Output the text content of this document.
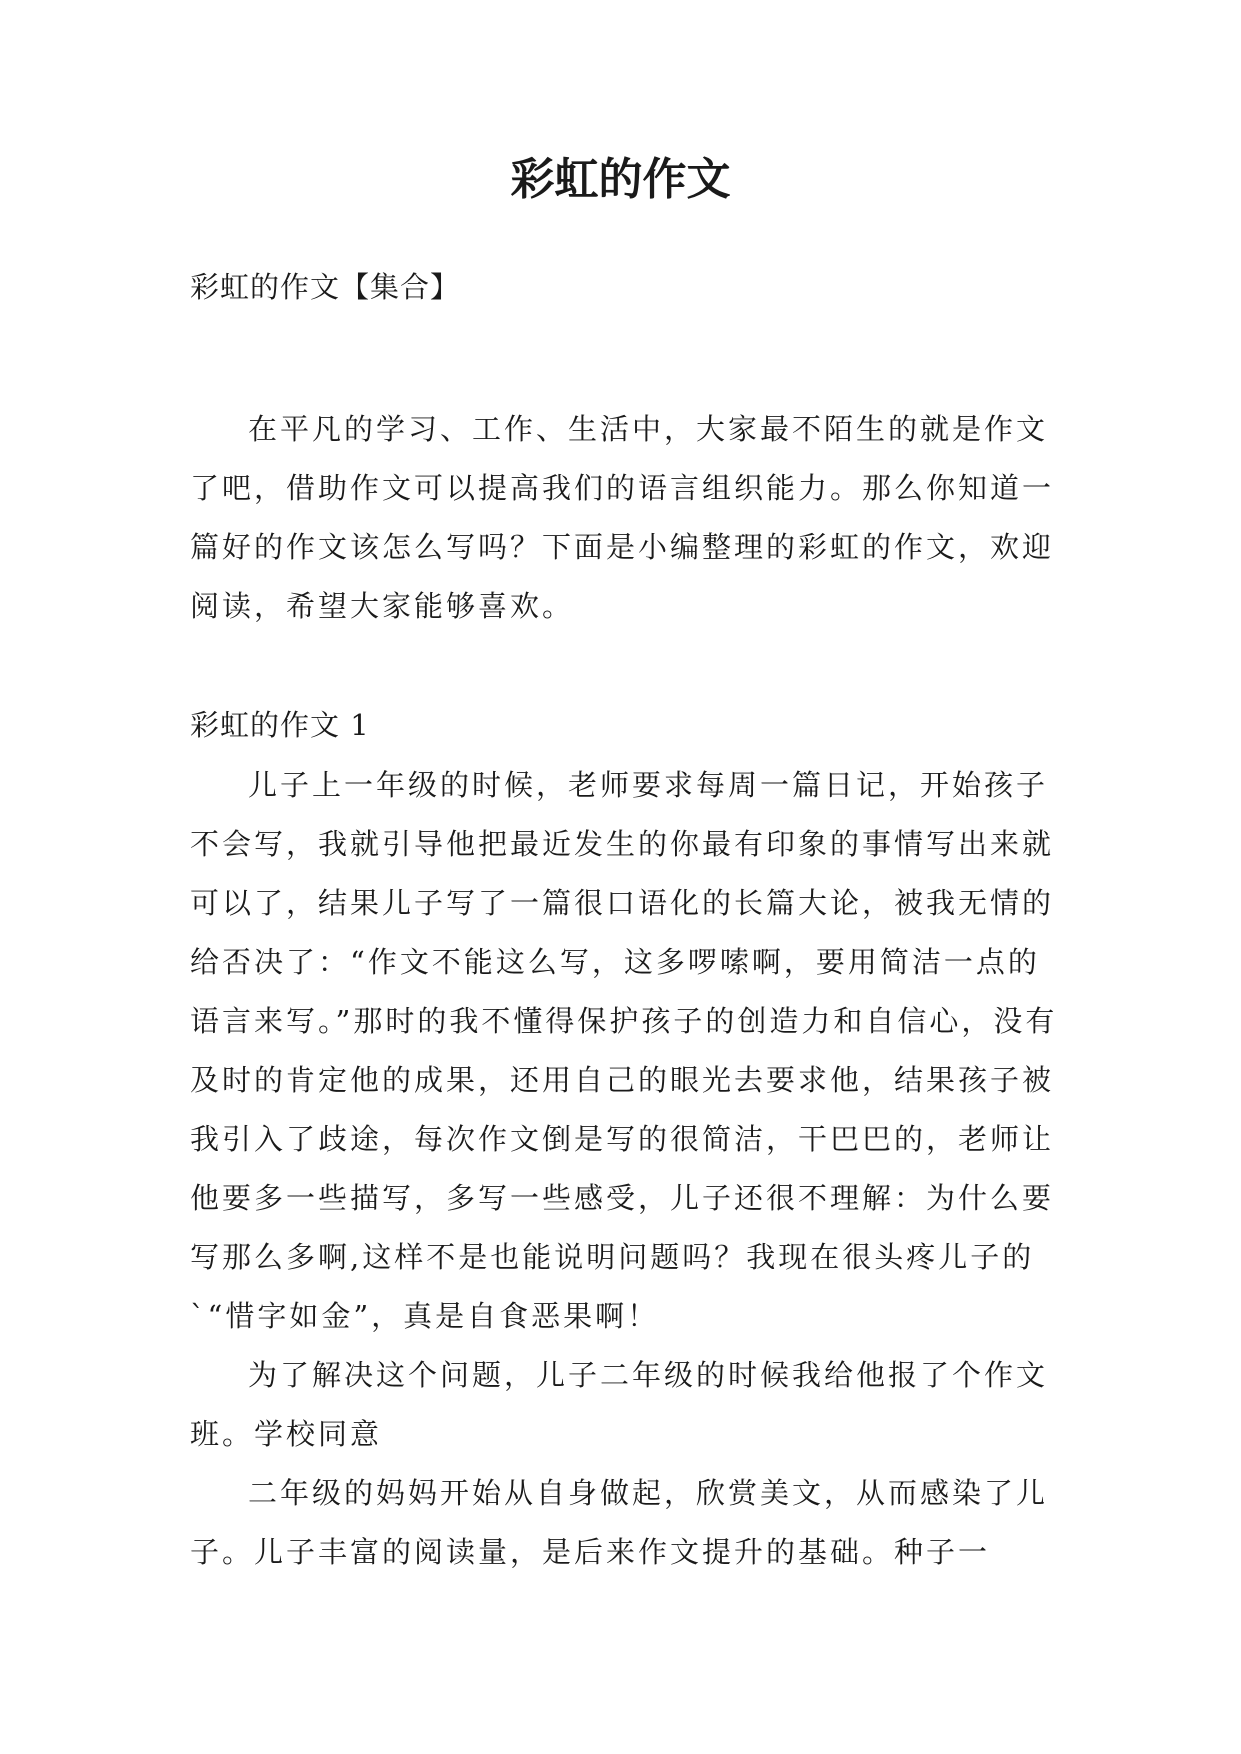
彩虹的作文

彩虹的作文【集合】

在平凡的学习、工作、生活中，大家最不陌生的就是作文了吧，借助作文可以提高我们的语言组织能力。那么你知道一篇好的作文该怎么写吗？下面是小编整理的彩虹的作文，欢迎阅读，希望大家能够喜欢。

彩虹的作文 1

儿子上一年级的时候，老师要求每周一篇日记，开始孩子不会写，我就引导他把最近发生的你最有印象的事情写出来就可以了，结果儿子写了一篇很口语化的长篇大论，被我无情的给否决了：“作文不能这么写，这多啰嗦啊，要用简洁一点的语言来写。”那时的我不懂得保护孩子的创造力和自信心，没有及时的肯定他的成果，还用自己的眼光去要求他，结果孩子被我引入了歧途，每次作文倒是写的很简洁，干巴巴的，老师让他要多一些描写，多写一些感受，儿子还很不理解：为什么要写那么多啊,这样不是也能说明问题吗？我现在很头疼儿子的`“惜字如金”，真是自食恶果啊！

为了解决这个问题，儿子二年级的时候我给他报了个作文班。学校同意

二年级的妈妈开始从自身做起，欣赏美文，从而感染了儿子。儿子丰富的阅读量，是后来作文提升的基础。种子一
